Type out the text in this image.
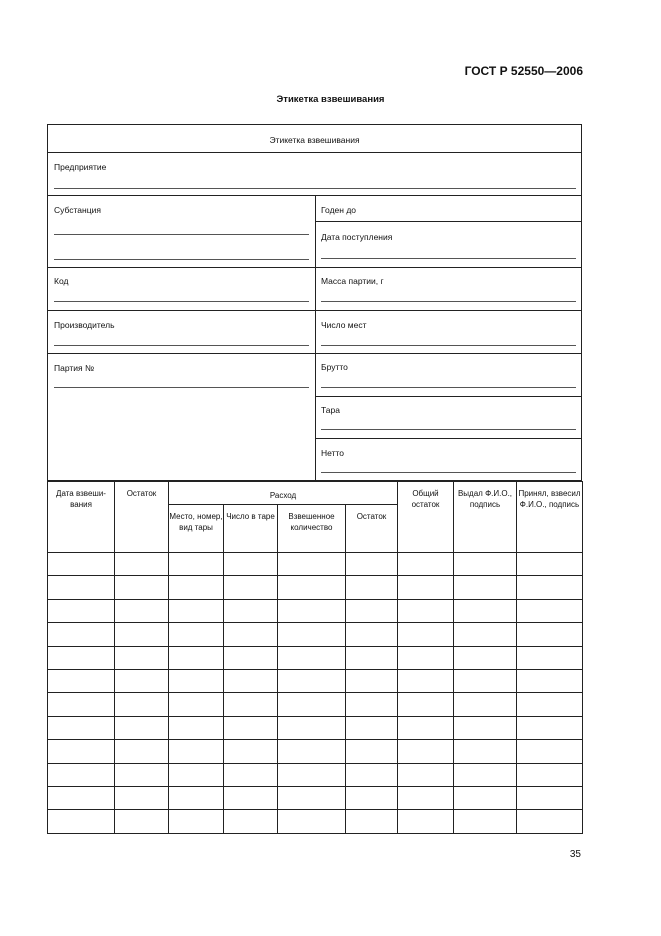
ГОСТ Р 52550—2006
Этикетка взвешивания
Этикетка взвешивания
Предприятие
Субстанция	Годен до
Дата поступления
Код	Масса партии, г
Производитель	Число мест
Партия №	Брутто
Тара
Нетто
Дата взвеши-вания	Остаток	Расход				Общий остаток	Выдал Ф.И.О., подпись	Принял, взвесил Ф.И.О., подпись
		Место, номер, вид тары	Число в таре	Взвешенное количество	Остаток			

35
